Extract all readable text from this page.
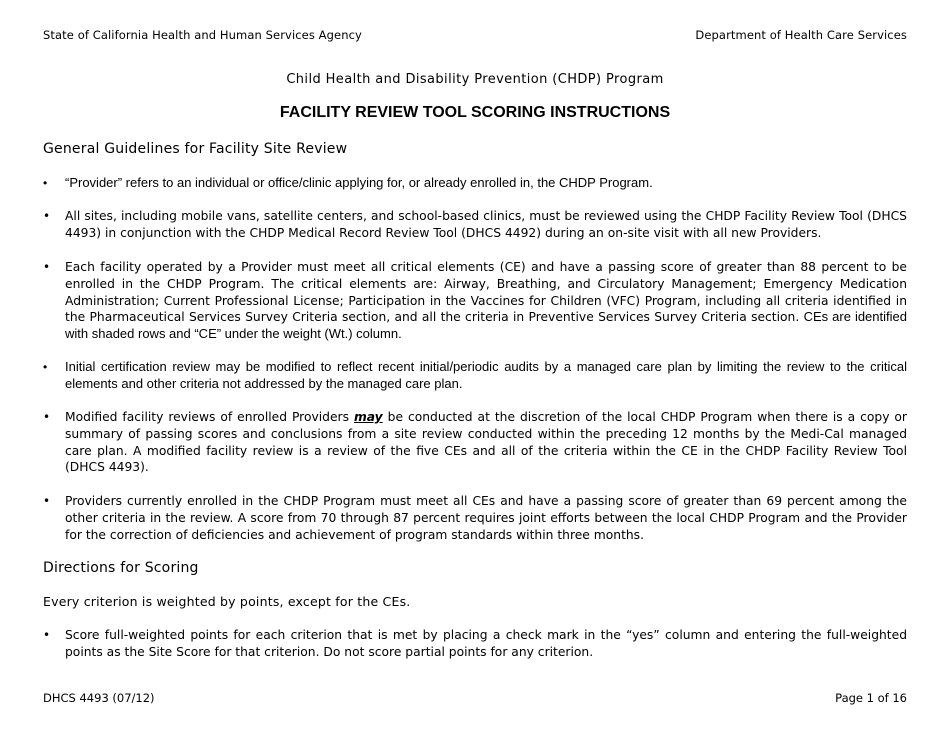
State of California Health and Human Services Agency	Department of Health Care Services
Child Health and Disability Prevention (CHDP) Program
FACILITY REVIEW TOOL SCORING INSTRUCTIONS
General Guidelines for Facility Site Review
• “Provider” refers to an individual or office/clinic applying for, or already enrolled in, the CHDP Program.
• All sites, including mobile vans, satellite centers, and school-based clinics, must be reviewed using the CHDP Facility Review Tool (DHCS 4493) in conjunction with the CHDP Medical Record Review Tool (DHCS 4492) during an on-site visit with all new Providers.
• Each facility operated by a Provider must meet all critical elements (CE) and have a passing score of greater than 88 percent to be enrolled in the CHDP Program. The critical elements are: Airway, Breathing, and Circulatory Management; Emergency Medication Administration; Current Professional License; Participation in the Vaccines for Children (VFC) Program, including all criteria identified in the Pharmaceutical Services Survey Criteria section, and all the criteria in Preventive Services Survey Criteria section. CEs are identified with shaded rows and “CE” under the weight (Wt.) column.
• Initial certification review may be modified to reflect recent initial/periodic audits by a managed care plan by limiting the review to the critical elements and other criteria not addressed by the managed care plan.
• Modified facility reviews of enrolled Providers may be conducted at the discretion of the local CHDP Program when there is a copy or summary of passing scores and conclusions from a site review conducted within the preceding 12 months by the Medi-Cal managed care plan. A modified facility review is a review of the five CEs and all of the criteria within the CE in the CHDP Facility Review Tool (DHCS 4493).
• Providers currently enrolled in the CHDP Program must meet all CEs and have a passing score of greater than 69 percent among the other criteria in the review. A score from 70 through 87 percent requires joint efforts between the local CHDP Program and the Provider for the correction of deficiencies and achievement of program standards within three months.
Directions for Scoring
Every criterion is weighted by points, except for the CEs.
• Score full-weighted points for each criterion that is met by placing a check mark in the “yes” column and entering the full-weighted points as the Site Score for that criterion. Do not score partial points for any criterion.
DHCS 4493 (07/12)	Page 1 of 16
